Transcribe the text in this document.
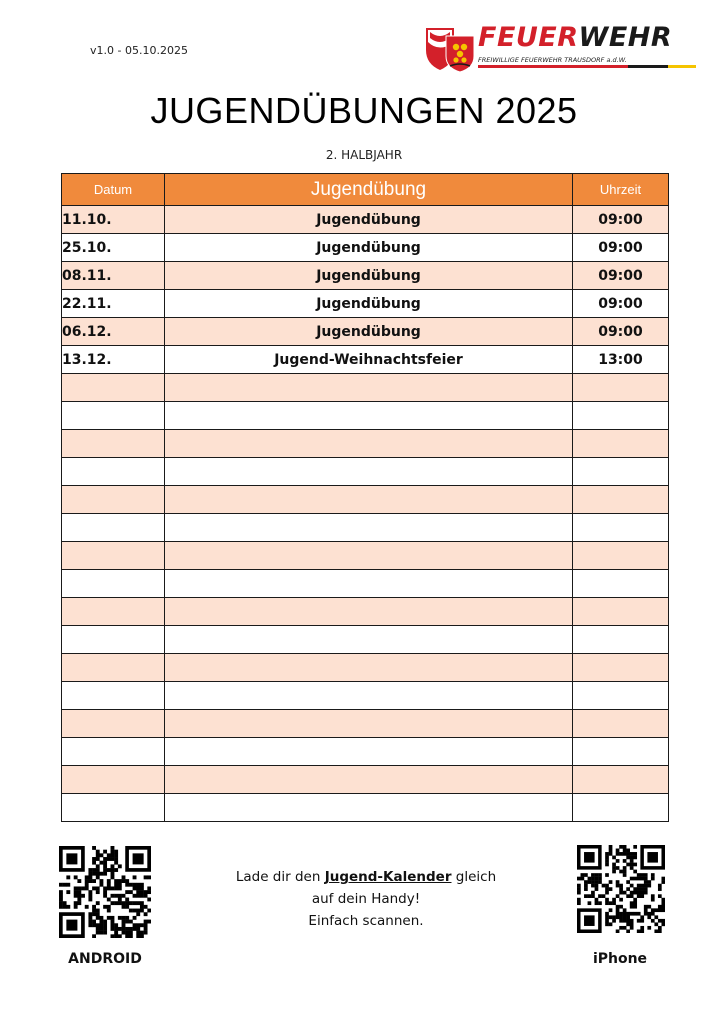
v1.0 - 05.10.2025	FEUERWEHR
FREIWILLIGE FEUERWEHR TRAUSDORF a.d.W.
JUGENDÜBUNGEN 2025
2. HALBJAHR
Datum	Jugendübung	Uhrzeit
11.10.	Jugendübung	09:00
25.10.	Jugendübung	09:00
08.11.	Jugendübung	09:00
22.11.	Jugendübung	09:00
06.12.	Jugendübung	09:00
13.12.	Jugend-Weihnachtsfeier	13:00

ANDROID
Lade dir den Jugend-Kalender gleich
auf dein Handy!
Einfach scannen.
iPhone
